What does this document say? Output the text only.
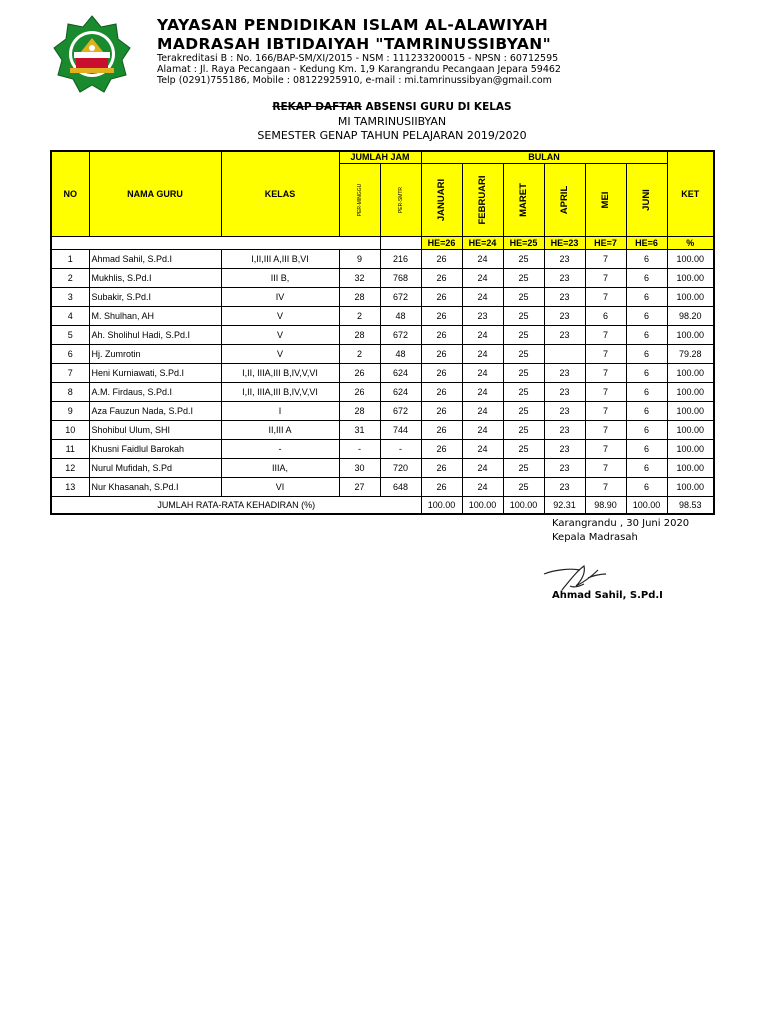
YAYASAN PENDIDIKAN ISLAM AL-ALAWIYAH
MADRASAH IBTIDAIYAH "TAMRINUSSIBYAN"
Terakreditasi B : No. 166/BAP-SM/XI/2015 - NSM : 111233200015 - NPSN : 60712595
Alamat : Jl. Raya Pecangaan - Kedung Km. 1,9 Karangrandu Pecangaan Jepara 59462
Telp (0291)755186, Mobile : 08122925910, e-mail : mi.tamrinussibyan@gmail.com
REKAP DAFTAR ABSENSI GURU DI KELAS
MI TAMRINUSIIBYAN
SEMESTER GENAP TAHUN PELAJARAN 2019/2020
NO	NAMA GURU	KELAS	JUMLAH JAM		BULAN						KET

			PER-MINGGU	PER-SMTR	JANUARI	FEBRUARI	MARET	APRIL	MEI	JUNI	

					HE=26	HE=24	HE=25	HE=23	HE=7	HE=6	%
1	Ahmad Sahil, S.Pd.I	I,II,III A,III B,VI	9	216	26	24	25	23	7	6	100.00
2	Mukhlis, S.Pd.I	III B,	32	768	26	24	25	23	7	6	100.00
3	Subakir, S.Pd.I	IV	28	672	26	24	25	23	7	6	100.00
4	M. Shulhan, AH	V	2	48	26	23	25	23	6	6	98.20
5	Ah. Sholihul Hadi, S.Pd.I	V	28	672	26	24	25	23	7	6	100.00
6	Hj. Zumrotin	V	2	48	26	24	25		7	6	79.28
7	Heni Kurniawati, S.Pd.I	I,II, IIIA,III B,IV,V,VI	26	624	26	24	25	23	7	6	100.00
8	A.M. Firdaus, S.Pd.I	I,II, IIIA,III B,IV,V,VI	26	624	26	24	25	23	7	6	100.00
9	Aza Fauzun Nada, S.Pd.I	I	28	672	26	24	25	23	7	6	100.00
10	Shohibul Ulum, SHI	II,III A	31	744	26	24	25	23	7	6	100.00
11	Khusni Faidlul Barokah	-	-	-	26	24	25	23	7	6	100.00
12	Nurul Mufidah, S.Pd	IIIA,	30	720	26	24	25	23	7	6	100.00
13	Nur Khasanah, S.Pd.I	VI	27	648	26	24	25	23	7	6	100.00
JUMLAH RATA-RATA KEHADIRAN (%)					100.00	100.00	100.00	92.31	98.90	100.00	98.53
Karangrandu , 30 Juni 2020
Kepala Madrasah
Ahmad Sahil, S.Pd.I
